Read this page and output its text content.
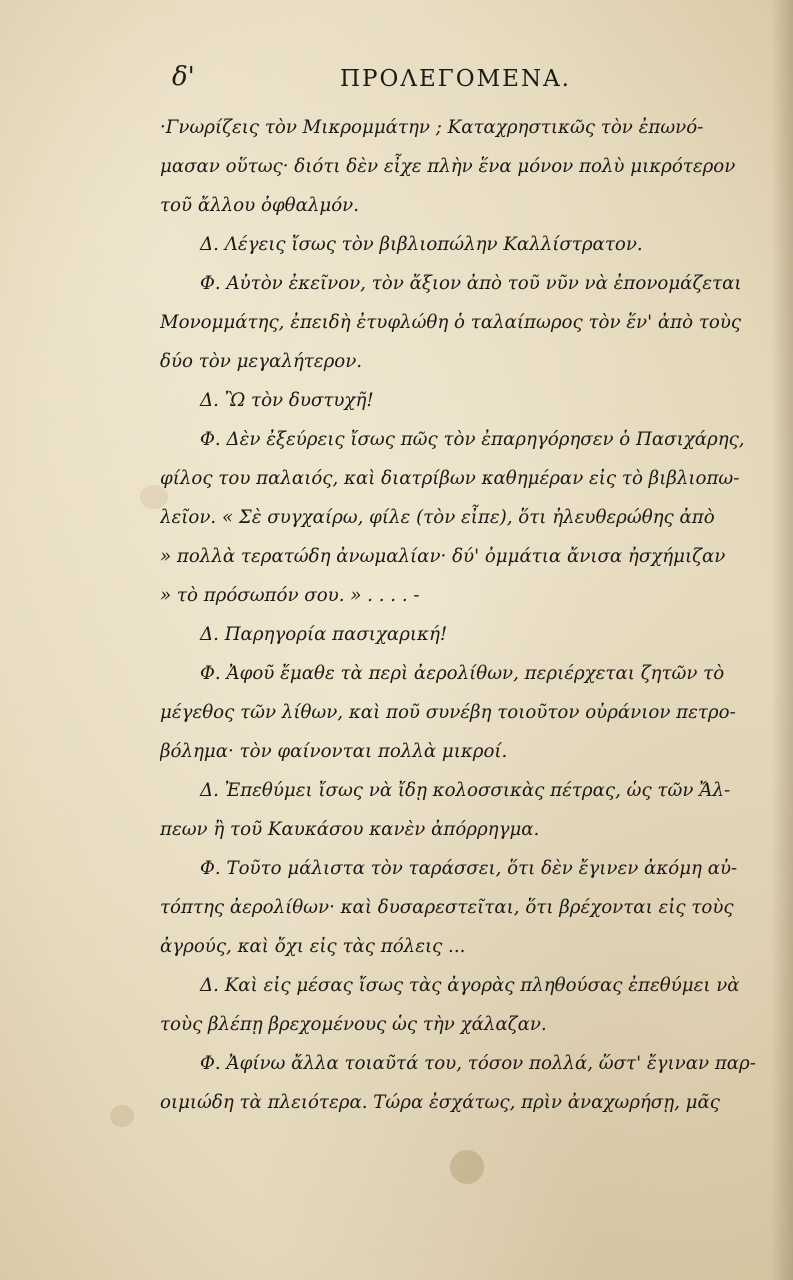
δ'	ΠΡΟΛΕΓΟΜΕΝΑ.
·Γνωρίζεις τὸν Μικρομμάτην ; Καταχρηστικῶς τὸν ἐπωνό-
μασαν οὕτως· διότι δὲν εἶχε πλὴν ἕνα μόνον πολὺ μικρότερον
τοῦ ἄλλου ὀφθαλμόν.
Δ. Λέγεις ἴσως τὸν βιβλιοπώλην Καλλίστρατον.
Φ. Αὐτὸν ἐκεῖνον, τὸν ἄξιον ἀπὸ τοῦ νῦν νὰ ἐπονομάζεται
Μονομμάτης, ἐπειδὴ ἐτυφλώθη ὁ ταλαίπωρος τὸν ἕν' ἀπὸ τοὺς
δύο τὸν μεγαλήτερον.
Δ. Ὢ τὸν δυστυχῆ!
Φ. Δὲν ἐξεύρεις ἴσως πῶς τὸν ἐπαρηγόρησεν ὁ Πασιχάρης,
φίλος του παλαιός, καὶ διατρίβων καθημέραν εἰς τὸ βιβλιοπω-
λεῖον. « Σὲ συγχαίρω, φίλε (τὸν εἶπε), ὅτι ἠλευθερώθης ἀπὸ
» πολλὰ τερατώδη ἀνωμαλίαν· δύ' ὀμμάτια ἄνισα ἠσχήμιζαν
» τὸ πρόσωπόν σου. » . . . . -
Δ. Παρηγορία πασιχαρική!
Φ. Ἀφοῦ ἔμαθε τὰ περὶ ἀερολίθων, περιέρχεται ζητῶν τὸ
μέγεθος τῶν λίθων, καὶ ποῦ συνέβη τοιοῦτον οὐράνιον πετρο-
βόλημα· τὸν φαίνονται πολλὰ μικροί.
Δ. Ἐπεθύμει ἴσως νὰ ἴδῃ κολοσσικὰς πέτρας, ὡς τῶν Ἄλ-
πεων ἢ τοῦ Καυκάσου κανὲν ἀπόρρηγμα.
Φ. Τοῦτο μάλιστα τὸν ταράσσει, ὅτι δὲν ἔγινεν ἀκόμη αὐ-
τόπτης ἀερολίθων· καὶ δυσαρεστεῖται, ὅτι βρέχονται εἰς τοὺς
ἀγρούς, καὶ ὄχι εἰς τὰς πόλεις ...
Δ. Καὶ εἰς μέσας ἴσως τὰς ἀγορὰς πληθούσας ἐπεθύμει νὰ
τοὺς βλέπῃ βρεχομένους ὡς τὴν χάλαζαν.
Φ. Ἀφίνω ἄλλα τοιαῦτά του, τόσον πολλά, ὥστ' ἔγιναν παρ-
οιμιώδη τὰ πλειότερα. Τώρα ἐσχάτως, πρὶν ἀναχωρήσῃ, μᾶς
